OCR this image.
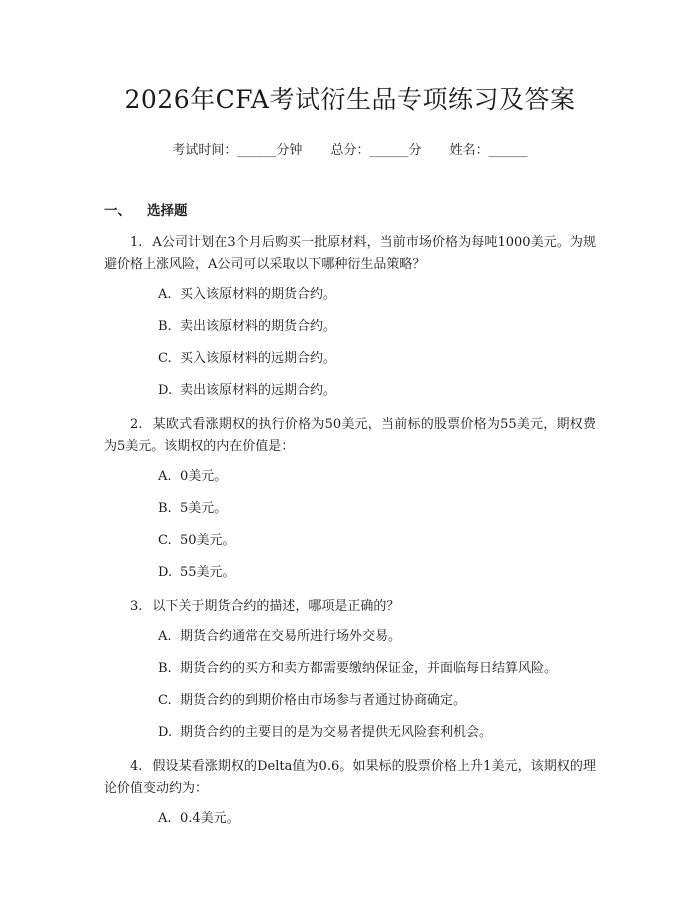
2026年CFA考试衍生品专项练习及答案
考试时间：______分钟 总分：______分 姓名：______
一、 选择题
1. A公司计划在3个月后购买一批原材料，当前市场价格为每吨1000美元。为规避价格上涨风险，A公司可以采取以下哪种衍生品策略？
A. 买入该原材料的期货合约。
B. 卖出该原材料的期货合约。
C. 买入该原材料的远期合约。
D. 卖出该原材料的远期合约。
2. 某欧式看涨期权的执行价格为50美元，当前标的股票价格为55美元，期权费为5美元。该期权的内在价值是：
A. 0美元。
B. 5美元。
C. 50美元。
D. 55美元。
3. 以下关于期货合约的描述，哪项是正确的？
A. 期货合约通常在交易所进行场外交易。
B. 期货合约的买方和卖方都需要缴纳保证金，并面临每日结算风险。
C. 期货合约的到期价格由市场参与者通过协商确定。
D. 期货合约的主要目的是为交易者提供无风险套利机会。
4. 假设某看涨期权的Delta值为0.6。如果标的股票价格上升1美元，该期权的理论价值变动约为：
A. 0.4美元。
